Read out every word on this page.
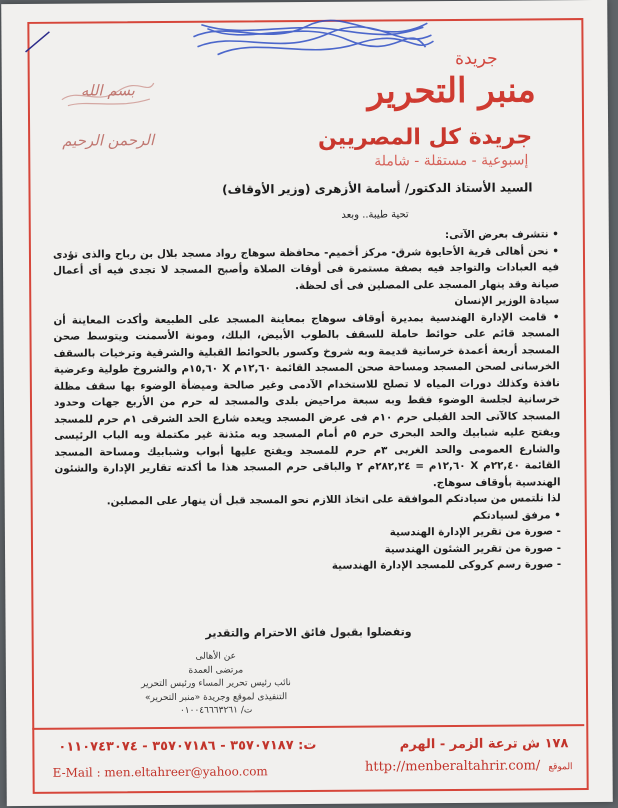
بسم الله الرحمن الرحيم
جريدة
منبر التحرير
جريدة كل المصريين
إسبوعية - مستقلة - شاملة
السيد الأستاذ الدكتور/ أسامة الأزهرى (وزير الأوقاف)
تحية طيبة.. وبعد

• نتشرف بعرض الآتى:

• نحن أهالى قرية الأحايوة شرق- مركز أخميم- محافظة سوهاج رواد مسجد بلال بن رباح والذى تؤدى فيه العبادات والتواجد فيه بصفة مستمرة فى أوقات الصلاة وأصبح المسجد لا تجدى فيه أى أعمال صيانة وقد ينهار المسجد على المصلين فى أى لحظة.

سيادة الوزير الإنسان

• قامت الإدارة الهندسية بمديرة أوقاف سوهاج بمعاينة المسجد على الطبيعة وأكدت المعاينة أن المسجد قائم على حوائط حاملة للسقف بالطوب الأبيض، البلك، ومونة الأسمنت ويتوسط صحن المسجد أربعة أعمدة خرسانية قديمة وبه شروخ وكسور بالحوائط القبلية والشرقية وترخيات بالسقف الخرسانى لصحن المسجد ومساحة صحن المسجد القائمة ١٢,٦٠م X ١٥,٦٠م والشروخ طولية وعرضية نافذة وكذلك دورات المياه لا تصلح للاستخدام الآدمى وغير صالحة وميضأة الوضوء بها سقف مظلة خرسانية لجلسة الوضوء فقط وبه سبعة مراحيض بلدى والمسجد له حرم من الأربع جهات وحدود المسجد كالآتى الحد القبلى حرم ١٠م فى عرض المسجد ويعده شارع الحد الشرقى ١م حرم للمسجد ويفتح عليه شبابيك والحد البحرى حرم ٥م أمام المسجد وبه مئذنة غير مكتملة وبه الباب الرئيسى والشارع العمومى والحد الغربى ٣م حرم للمسجد ويفتح عليها أبواب وشبابيك ومساحة المسجد القائمة ٢٢,٤٠م X ١٢,٦٠م = ٢٨٢,٢٤م ٢ والباقى حرم المسجد هذا ما أكدته تقارير الإدارة والشئون الهندسية بأوقاف سوهاج.

لذا نلتمس من سيادتكم الموافقة على اتخاذ اللازم نحو المسجد قبل أن ينهار على المصلين.

• مرفق لسيادتكم

- صورة من تقرير الإدارة الهندسية

- صورة من تقرير الشئون الهندسية

- صورة رسم كروكى للمسجد الإدارة الهندسية

وتفضلوا بقبول فائق الاحترام والتقدير
عن الأهالى
مرتضى العمدة
نائب رئيس تحرير المساء ورئيس التحرير
التنفيذى لموقع وجريدة «منبر التحرير»
ت/ ٠١٠٠٤٦٦٦٣٢٦١
١٧٨ ش ترعة الزمر - الهرم
ت: ٣٥٧٠٧١٨٧ - ٣٥٧٠٧١٨٦ - ٠١١٠٧٤٣٠٧٤
http://menberaltahrir.com/ الموقع
E-Mail : men.eltahreer@yahoo.com
